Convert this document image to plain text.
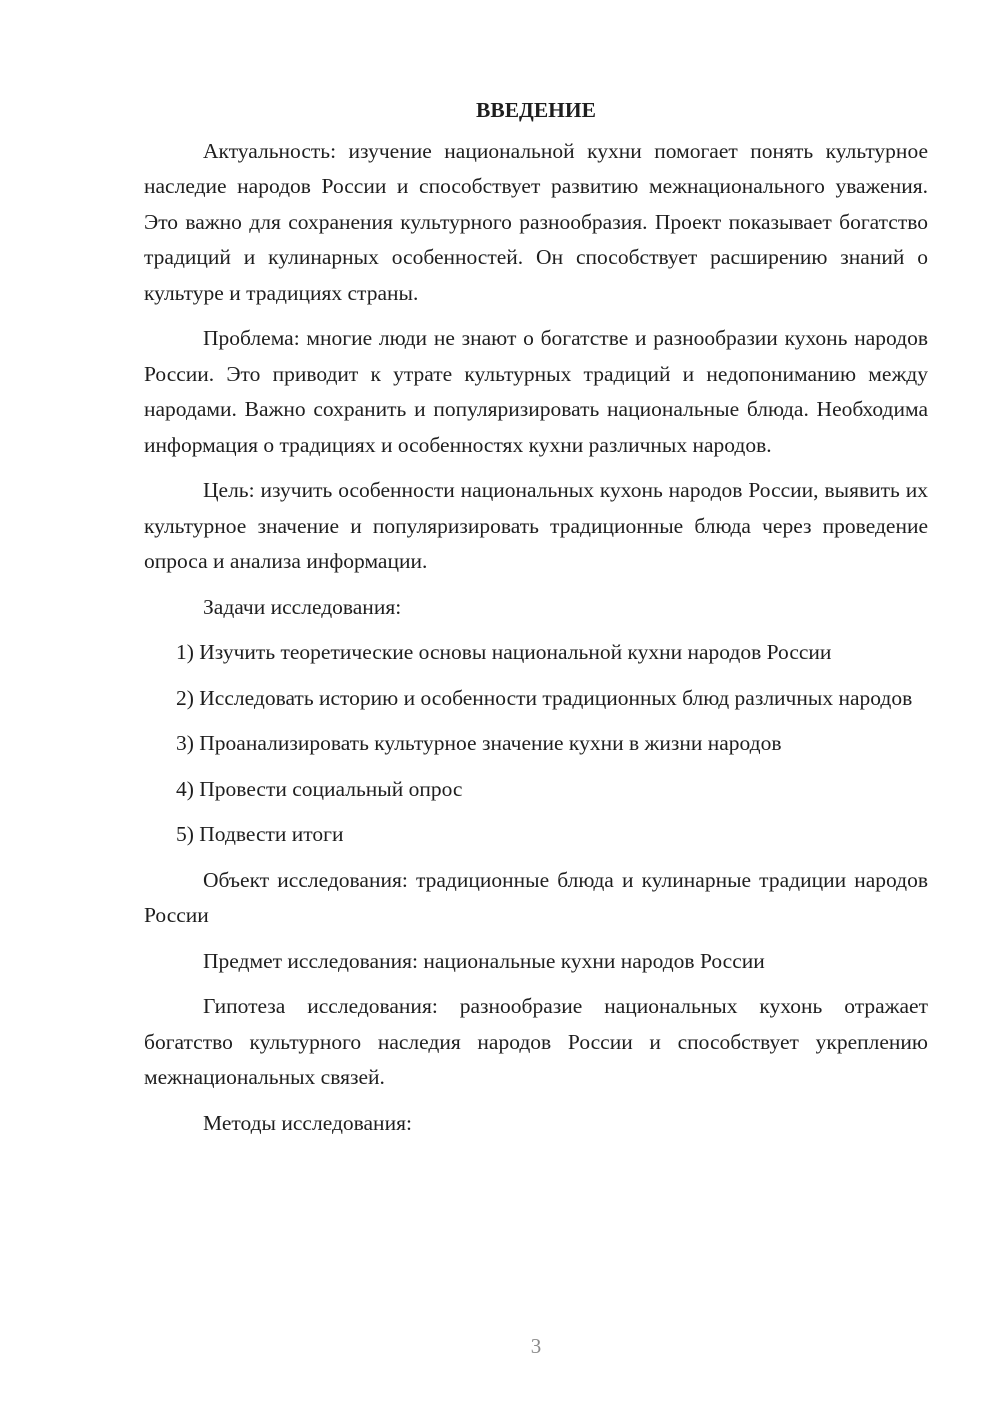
ВВЕДЕНИЕ

Актуальность: изучение национальной кухни помогает понять культурное наследие народов России и способствует развитию межнационального уважения. Это важно для сохранения культурного разнообразия. Проект показывает богатство традиций и кулинарных особенностей. Он способствует расширению знаний о культуре и традициях страны.

Проблема: многие люди не знают о богатстве и разнообразии кухонь народов России. Это приводит к утрате культурных традиций и недопониманию между народами. Важно сохранить и популяризировать национальные блюда. Необходима информация о традициях и особенностях кухни различных народов.

Цель: изучить особенности национальных кухонь народов России, выявить их культурное значение и популяризировать традиционные блюда через проведение опроса и анализа информации.

Задачи исследования:

1) Изучить теоретические основы национальной кухни народов России

2) Исследовать историю и особенности традиционных блюд различных народов

3) Проанализировать культурное значение кухни в жизни народов

4) Провести социальный опрос

5) Подвести итоги

Объект исследования: традиционные блюда и кулинарные традиции народов России

Предмет исследования: национальные кухни народов России

Гипотеза исследования: разнообразие национальных кухонь отражает богатство культурного наследия народов России и способствует укреплению межнациональных связей.

Методы исследования:

3
